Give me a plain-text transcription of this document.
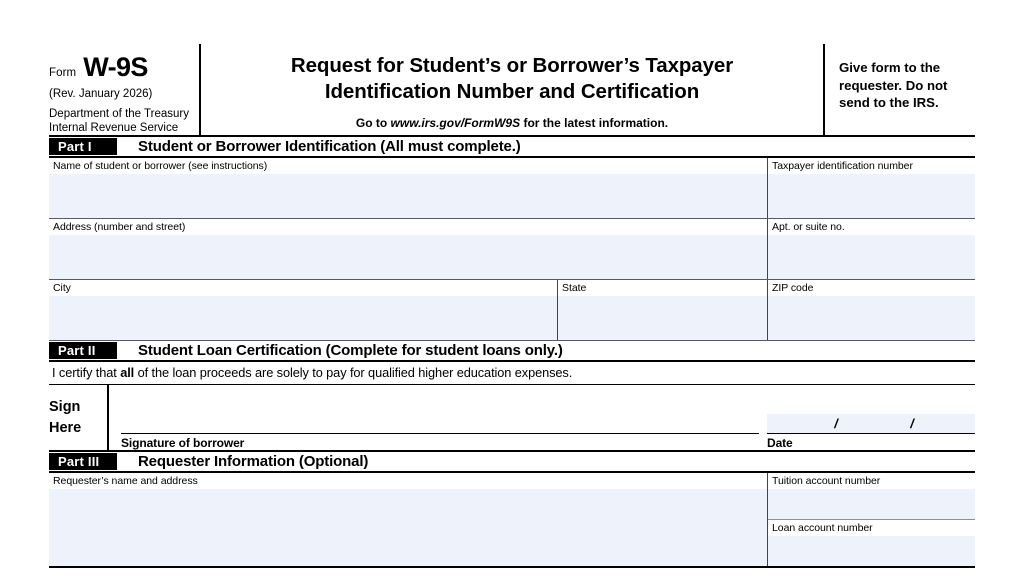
Form W-9S
(Rev. January 2026)
Department of the Treasury
Internal Revenue Service
Request for Student’s or Borrower’s Taxpayer
Identification Number and Certification
Go to www.irs.gov/FormW9S for the latest information.
Give form to the requester. Do not send to the IRS.
Part I	Student or Borrower Identification (All must complete.)
Name of student or borrower (see instructions)	Taxpayer identification number
Address (number and street)	Apt. or suite no.
City	State	ZIP code
Part II	Student Loan Certification (Complete for student loans only.)
I certify that all of the loan proceeds are solely to pay for qualified higher education expenses.
Sign
Here
Signature of borrower
/	/
Date
Part III	Requester Information (Optional)
Requester’s name and address	Tuition account number
Loan account number
